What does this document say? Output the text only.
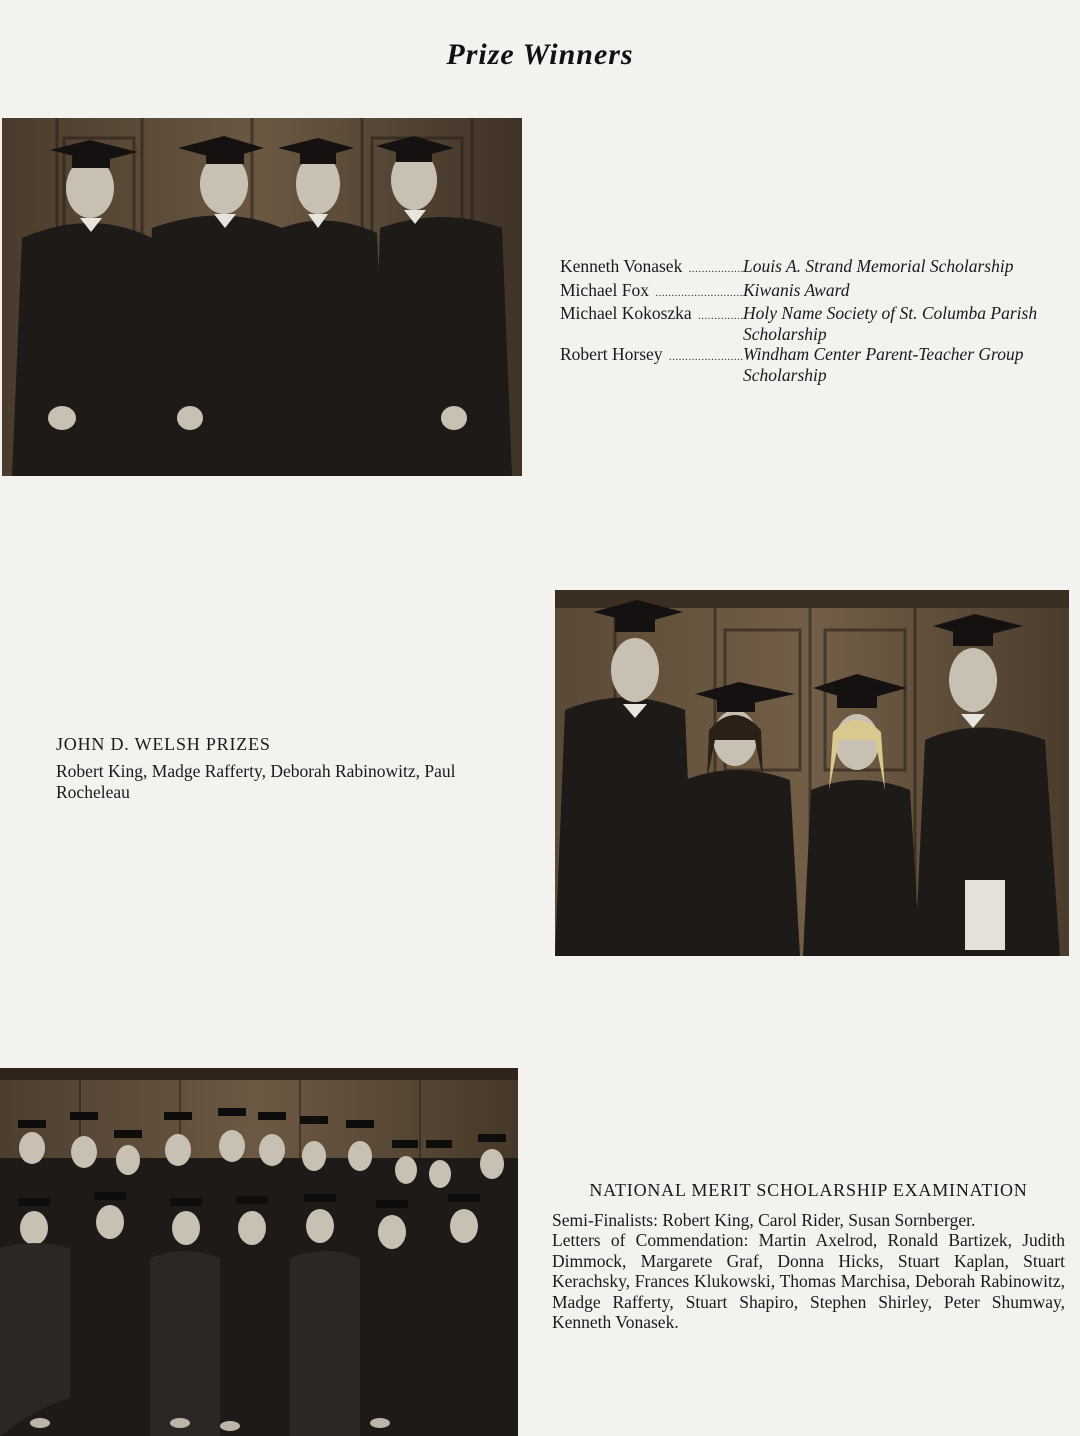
Prize Winners
Kenneth Vonasek .....	Louis A. Strand Memorial Scholarship
Michael Fox .....	Kiwanis Award
Michael Kokoszka .....	Holy Name Society of St. Columba Parish Scholarship
Robert Horsey .....	Windham Center Parent-Teacher Group Scholarship
JOHN D. WELSH PRIZES
Robert King, Madge Rafferty, Deborah Rabinowitz, Paul Rocheleau
NATIONAL MERIT SCHOLARSHIP EXAMINATION

Semi-Finalists: Robert King, Carol Rider, Susan Sornberger.

Letters of Commendation: Martin Axelrod, Ronald Bartizek, Judith Dimmock, Margarete Graf, Donna Hicks, Stuart Kaplan, Stuart Kerachsky, Frances Klukowski, Thomas Marchisa, Deborah Rabinowitz, Madge Rafferty, Stuart Shapiro, Stephen Shirley, Peter Shumway, Kenneth Vonasek.
